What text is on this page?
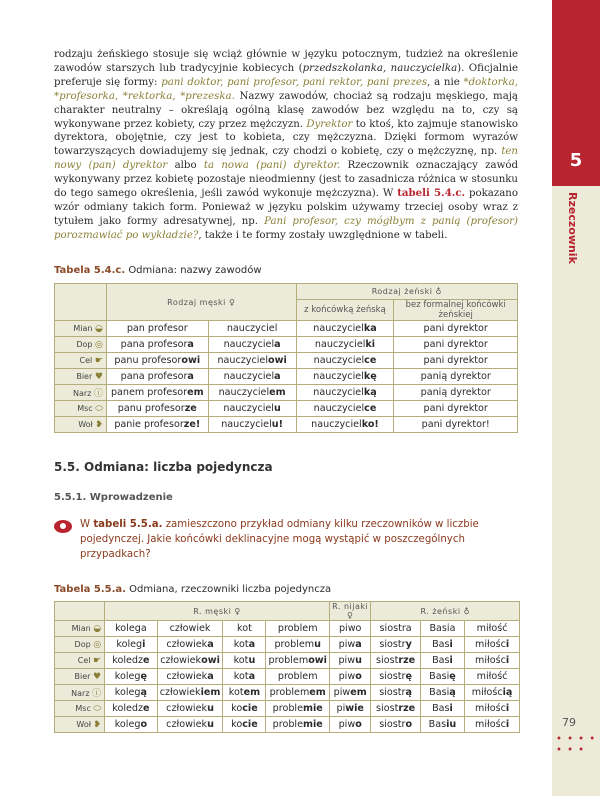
5
Rzeczownik
79
• • • • • • •
rodzaju żeńskiego stosuje się wciąż głównie w języku potocznym, tudzież na określenie zawodów starszych lub tradycyjnie kobiecych (przedszkolanka, nauczycielka). Oficjalnie preferuje się formy: pani doktor, pani profesor, pani rektor, pani prezes, a nie *doktorka, *profesorka, *rektorka, *prezeska. Nazwy zawodów, chociaż są rodzaju męskiego, mają charakter neutralny – określają ogólną klasę zawodów bez względu na to, czy są wykonywane przez kobiety, czy przez mężczyzn. Dyrektor to ktoś, kto zajmuje stanowisko dyrektora, obojętnie, czy jest to kobieta, czy mężczyzna. Dzięki formom wyrazów towarzyszących dowiadujemy się jednak, czy chodzi o kobietę, czy o mężczyznę, np. ten nowy (pan) dyrektor albo ta nowa (pani) dyrektor. Rzeczownik oznaczający zawód wykonywany przez kobietę pozostaje nieodmienny (jest to zasadnicza różnica w stosunku do tego samego określenia, jeśli zawód wykonuje mężczyzna). W tabeli 5.4.c. pokazano wzór odmiany takich form. Ponieważ w języku polskim używamy trzeciej osoby wraz z tytułem jako formy adresatywnej, np. Pani profesor, czy mógłbym z panią (profesor) porozmawiać po wykładzie?, także i te formy zostały uwzględnione w tabeli.
Tabela 5.4.c. Odmiana: nazwy zawodów
	Rodzaj męski ♀		Rodzaj żeński ♁	
			z końcówką żeńską	bez formalnej końcówki żeńskiej
Mian ◒	pan profesor	nauczyciel	nauczycielka	pani dyrektor
Dop ◎	pana profesora	nauczyciela	nauczycielki	pani dyrektor
Cel ☛	panu profesorowi	nauczycielowi	nauczycielce	pani dyrektor
Bier ♥	pana profesora	nauczyciela	nauczycielkę	panią dyrektor
Narz ⓘ	panem profesorem	nauczycielem	nauczycielką	panią dyrektor
Msc ⬭	panu profesorze	nauczycielu	nauczycielce	pani dyrektor
Woł ❥	panie profesorze!	nauczycielu!	nauczycielko!	pani dyrektor!
5.5. Odmiana: liczba pojedyncza
5.5.1. Wprowadzenie
W tabeli 5.5.a. zamieszczono przykład odmiany kilku rzeczowników w liczbie pojedynczej. Jakie końcówki deklinacyjne mogą wystąpić w poszczególnych przypadkach?
Tabela 5.5.a. Odmiana, rzeczowniki liczba pojedyncza
	R. męski ♀				R. nijaki ♀	R. żeński ♁		
Mian ◒	kolega	człowiek	kot	problem	piwo	siostra	Basia	miłość
Dop ◎	kolegi	człowieka	kota	problemu	piwa	siostry	Basi	miłości
Cel ☛	koledze	człowiekowi	kotu	problemowi	piwu	siostrze	Basi	miłości
Bier ♥	kolegę	człowieka	kota	problem	piwo	siostrę	Basię	miłość
Narz ⓘ	kolegą	człowiekiem	kotem	problemem	piwem	siostrą	Basią	miłością
Msc ⬭	koledze	człowieku	kocie	problemie	piwie	siostrze	Basi	miłości
Woł ❥	kolego	człowieku	kocie	problemie	piwo	siostro	Basiu	miłości
